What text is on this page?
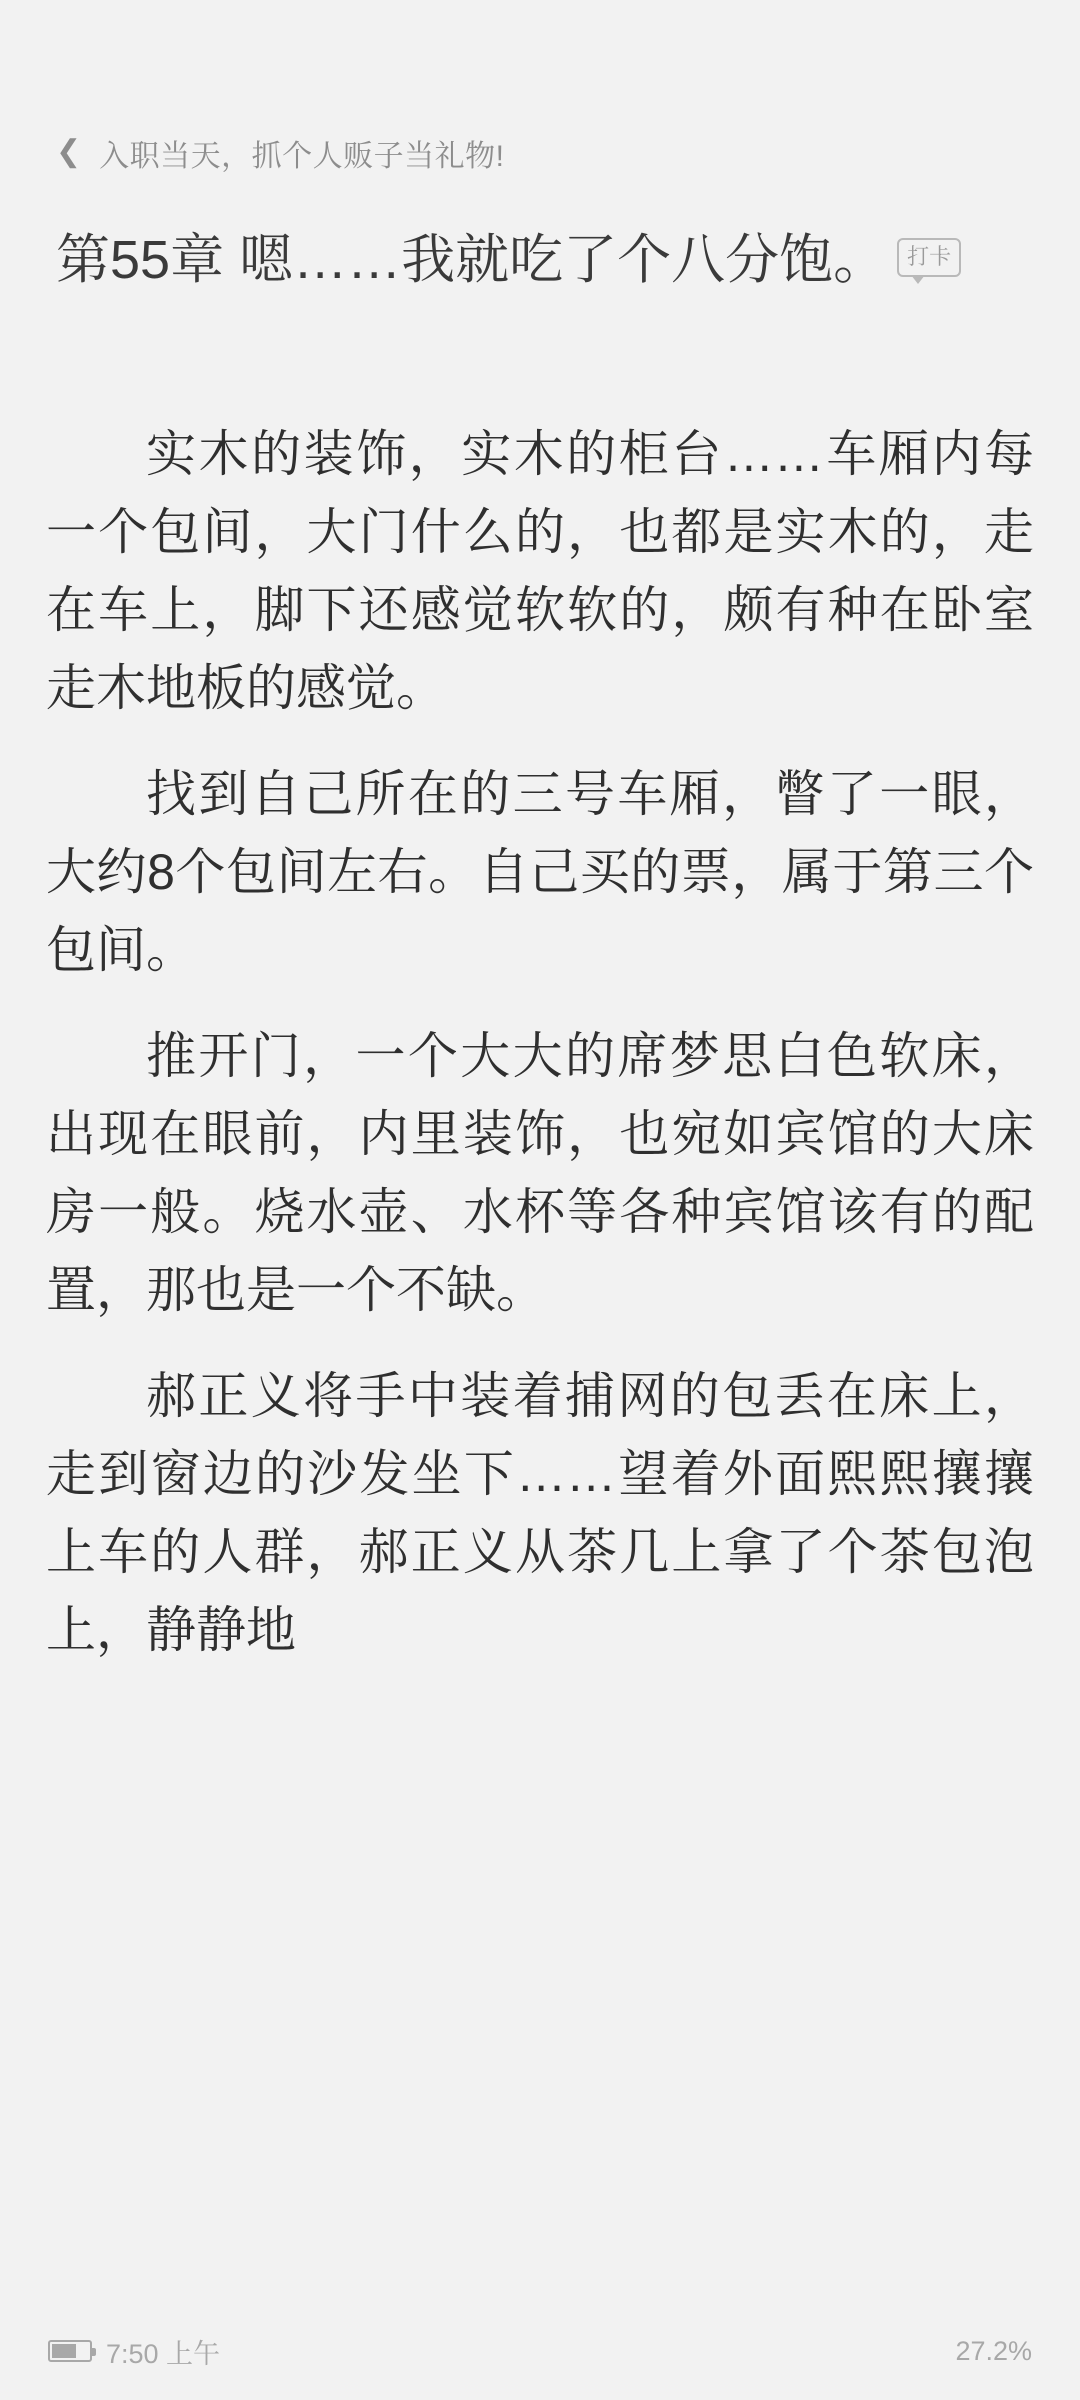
❮ 入职当天，抓个人贩子当礼物!
第55章 嗯……我就吃了个八分饱。 打卡

实木的装饰，实木的柜台……车厢内每一个包间，大门什么的，也都是实木的，走在车上，脚下还感觉软软的，颇有种在卧室走木地板的感觉。

找到自己所在的三号车厢，瞥了一眼，大约8个包间左右。自己买的票，属于第三个包间。

推开门，一个大大的席梦思白色软床，出现在眼前，内里装饰，也宛如宾馆的大床房一般。烧水壶、水杯等各种宾馆该有的配置，那也是一个不缺。

郝正义将手中装着捕网的包丢在床上，走到窗边的沙发坐下……望着外面熙熙攘攘上车的人群，郝正义从茶几上拿了个茶包泡上，静静地

7:50 上午	27.2%
